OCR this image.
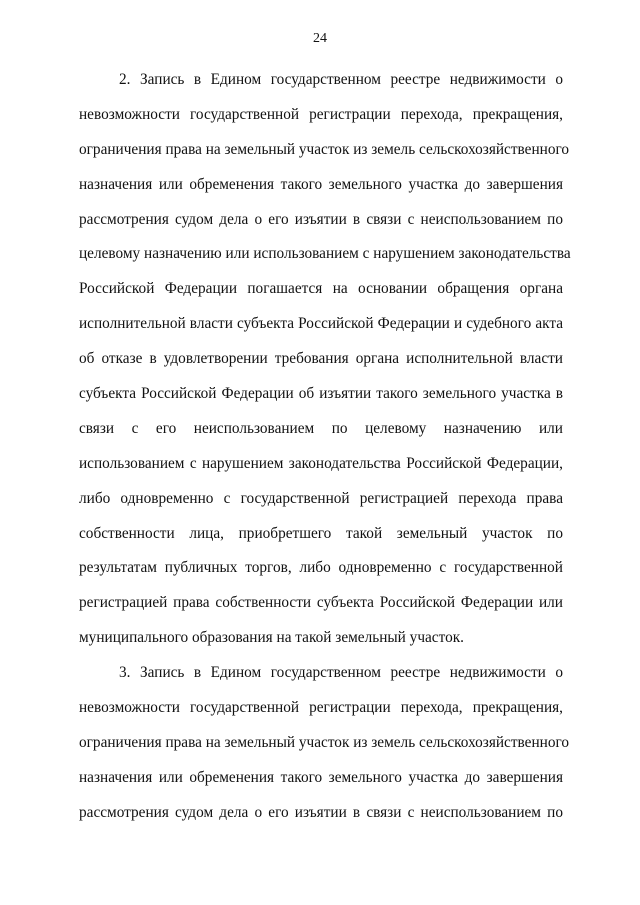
24
2. Запись в Едином государственном реестре недвижимости о
невозможности государственной регистрации перехода, прекращения,
ограничения права на земельный участок из земель сельскохозяйственного
назначения или обременения такого земельного участка до завершения
рассмотрения судом дела о его изъятии в связи с неиспользованием по
целевому назначению или использованием с нарушением законодательства
Российской Федерации погашается на основании обращения органа
исполнительной власти субъекта Российской Федерации и судебного акта
об отказе в удовлетворении требования органа исполнительной власти
субъекта Российской Федерации об изъятии такого земельного участка в
связи с его неиспользованием по целевому назначению или
использованием с нарушением законодательства Российской Федерации,
либо одновременно с государственной регистрацией перехода права
собственности лица, приобретшего такой земельный участок по
результатам публичных торгов, либо одновременно с государственной
регистрацией права собственности субъекта Российской Федерации или
муниципального образования на такой земельный участок.
3. Запись в Едином государственном реестре недвижимости о
невозможности государственной регистрации перехода, прекращения,
ограничения права на земельный участок из земель сельскохозяйственного
назначения или обременения такого земельного участка до завершения
рассмотрения судом дела о его изъятии в связи с неиспользованием по
